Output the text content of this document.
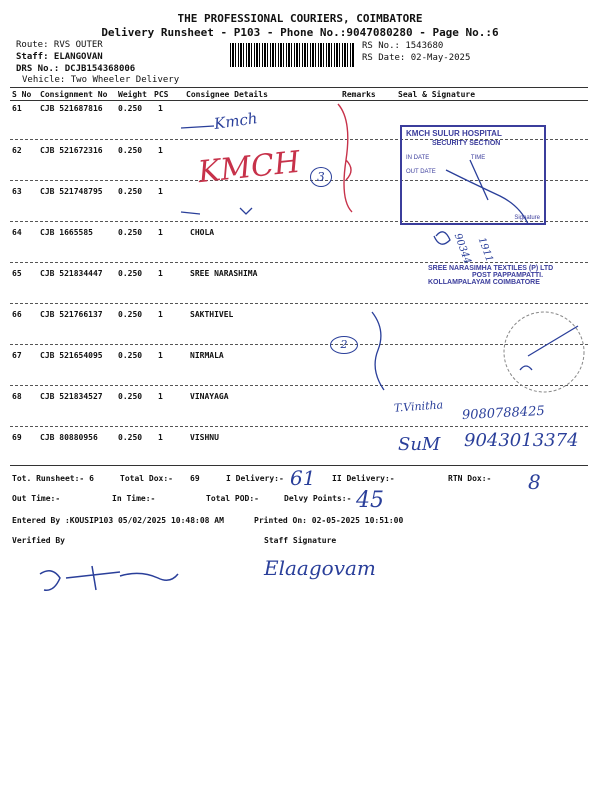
THE PROFESSIONAL COURIERS, COIMBATORE
Delivery Runsheet - P103 - Phone No.:9047080280 - Page No.:6
Route: RVS OUTER
Staff: ELANGOVAN
DRS No.: DCJB154368006
Vehicle: Two Wheeler Delivery
RS No.: 1543680
RS Date: 02-May-2025
S No Consignment No Weight PCS Consignee Details	Remarks	Seal & Signature
61 CJB 521687816 0.250 1
62 CJB 521672316 0.250 1
63 CJB 521748795 0.250 1
64 CJB 1665585	0.250 1	CHOLA
65 CJB 521834447 0.250 1	SREE NARASHIMA
66 CJB 521766137 0.250 1	SAKTHIVEL
67 CJB 521654095 0.250 1	NIRMALA
68 CJB 521834527 0.250 1	VINAYAGA
69 CJB 80880956	0.250 1	VISHNU
Tot. Runsheet:- 6	Total Dox:- 69	I Delivery:-	II Delivery:-	RTN Dox:-
Out Time:-	In Time:-	Total POD:-	Delvy Points:-
Entered By :KOUSIP103 05/02/2025 10:48:08 AM	Printed On: 02-05-2025 10:51:00
Verified By	Staff Signature
Kmch
KMCH	3
2
90344 1911
T.Vinitha 9080788425
SuM 9043013374
61	8
45
Elaagovam
KMCH SULUR HOSPITAL
SECURITY SECTION
IN DATE	TIME
OUT DATE
Signature
SREE NARASIMHA TEXTILES (P) LTD
POST PAPPAMPATTI.
KOLLAMPALAYAM COIMBATORE
